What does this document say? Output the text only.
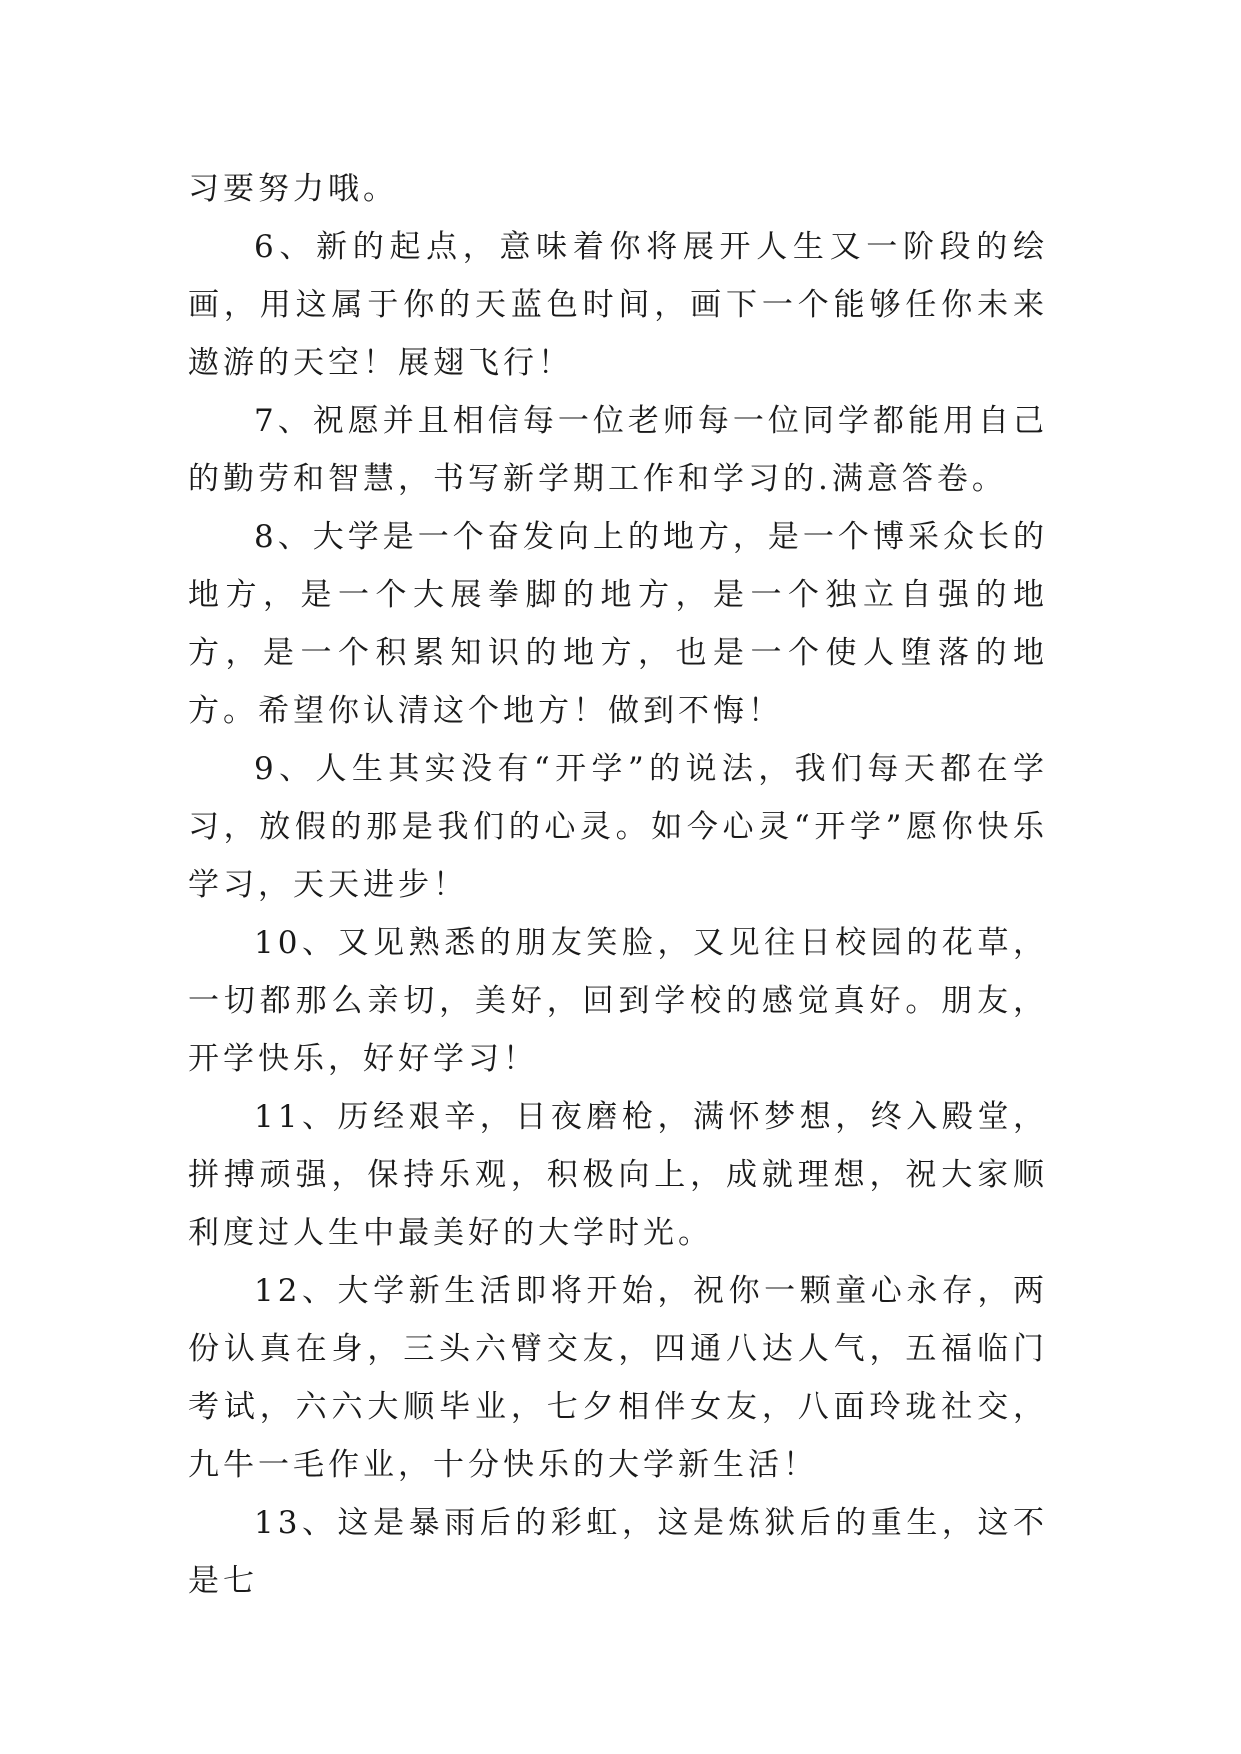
习要努力哦。

6、新的起点，意味着你将展开人生又一阶段的绘画，用这属于你的天蓝色时间，画下一个能够任你未来遨游的天空！展翅飞行！

7、祝愿并且相信每一位老师每一位同学都能用自己的勤劳和智慧，书写新学期工作和学习的.满意答卷。

8、大学是一个奋发向上的地方，是一个博采众长的地方，是一个大展拳脚的地方，是一个独立自强的地方，是一个积累知识的地方，也是一个使人堕落的地方。希望你认清这个地方！做到不悔！

9、人生其实没有“开学”的说法，我们每天都在学习，放假的那是我们的心灵。如今心灵“开学”愿你快乐学习，天天进步！

10、又见熟悉的朋友笑脸，又见往日校园的花草，一切都那么亲切，美好，回到学校的感觉真好。朋友，开学快乐，好好学习！

11、历经艰辛，日夜磨枪，满怀梦想，终入殿堂，拼搏顽强，保持乐观，积极向上，成就理想，祝大家顺利度过人生中最美好的大学时光。

12、大学新生活即将开始，祝你一颗童心永存，两份认真在身，三头六臂交友，四通八达人气，五福临门考试，六六大顺毕业，七夕相伴女友，八面玲珑社交，九牛一毛作业，十分快乐的大学新生活！

13、这是暴雨后的彩虹，这是炼狱后的重生，这不是七
